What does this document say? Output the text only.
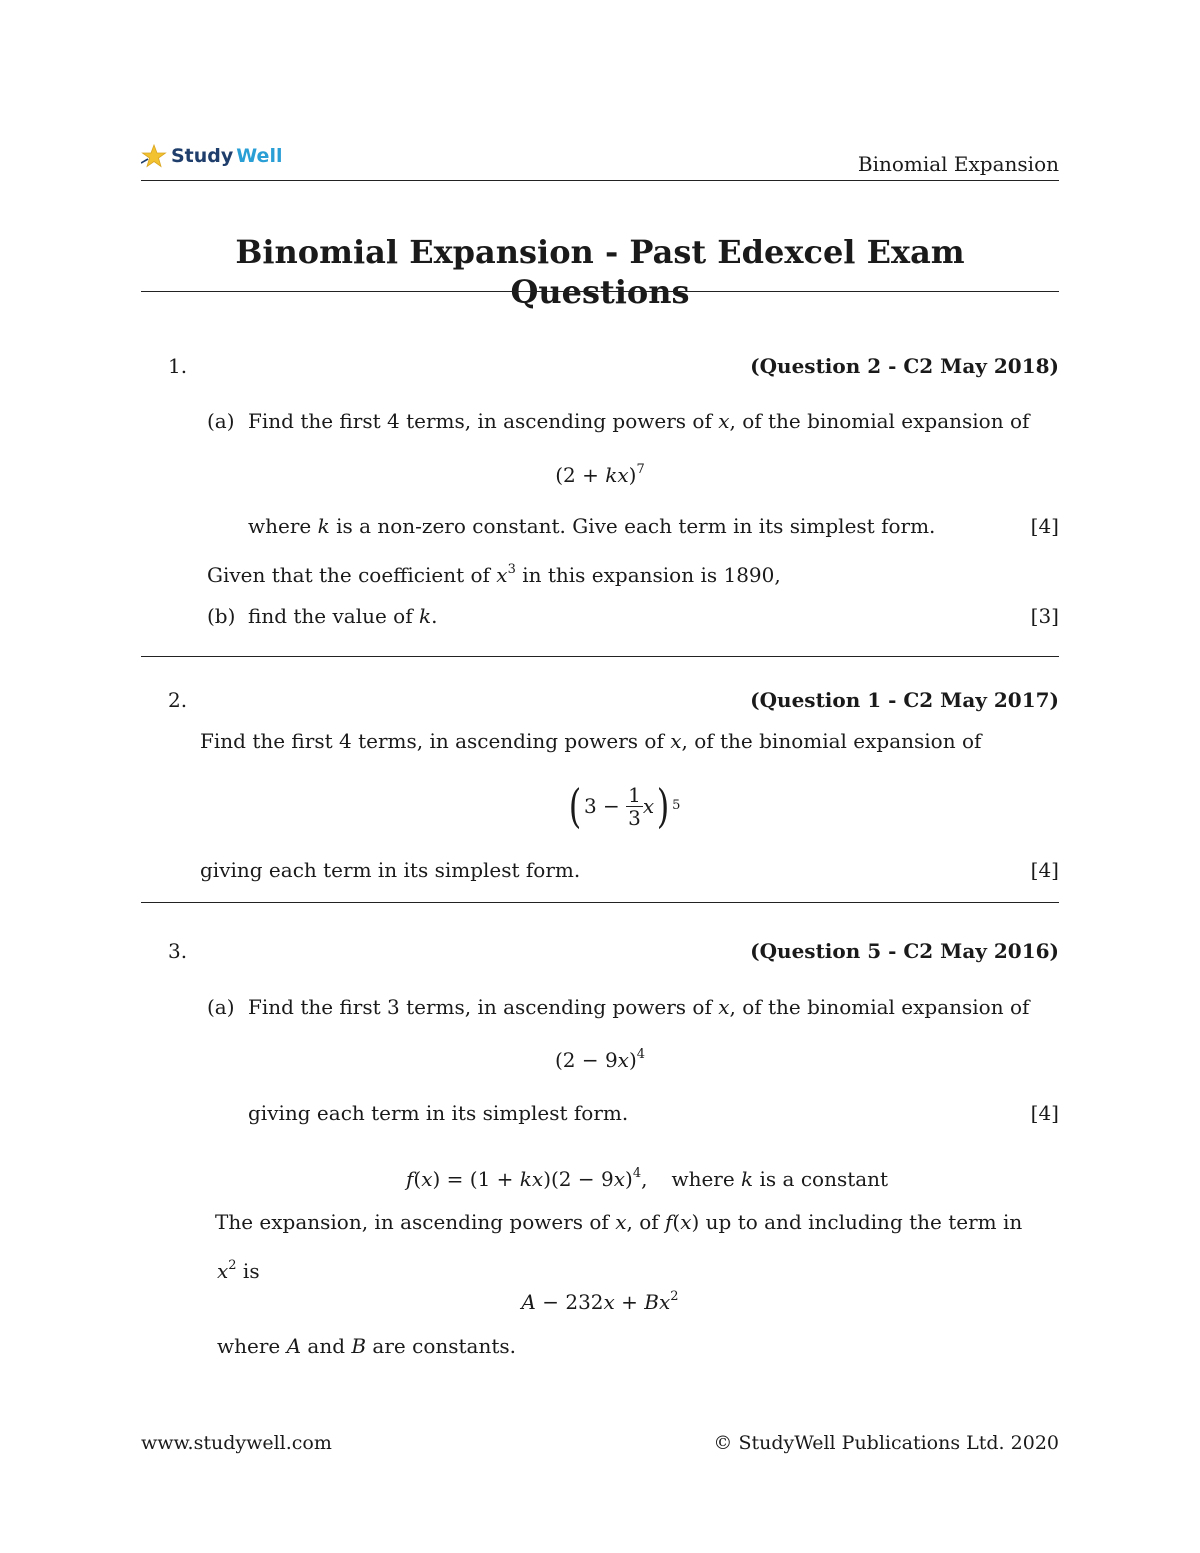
Study Well	Binomial Expansion
Binomial Expansion - Past Edexcel Exam Questions
1.	(Question 2 - C2 May 2018)
(a) Find the first 4 terms, in ascending powers of x, of the binomial expansion of
(2 + kx)$^7$
where k is a non-zero constant. Give each term in its simplest form.	[4]
Given that the coefficient of $x^3$ in this expansion is 1890,
(b) find the value of k.	[3]
2.	(Question 1 - C2 May 2017)
Find the first 4 terms, in ascending powers of x, of the binomial expansion of
( $3 - \frac{1}{3}$ x ) 5
giving each term in its simplest form.	[4]
3.	(Question 5 - C2 May 2016)
(a) Find the first 3 terms, in ascending powers of x, of the binomial expansion of
$(2 - 9x)^4$
giving each term in its simplest form.	[4]
$f(x) = (1 + kx)(2 - 9x)^4$, where k is a constant
The expansion, in ascending powers of x, of f(x) up to and including the term in
$x^2$ is
$A - 232x + Bx^2$
where A and B are constants.
www.studywell.com	© StudyWell Publications Ltd. 2020
